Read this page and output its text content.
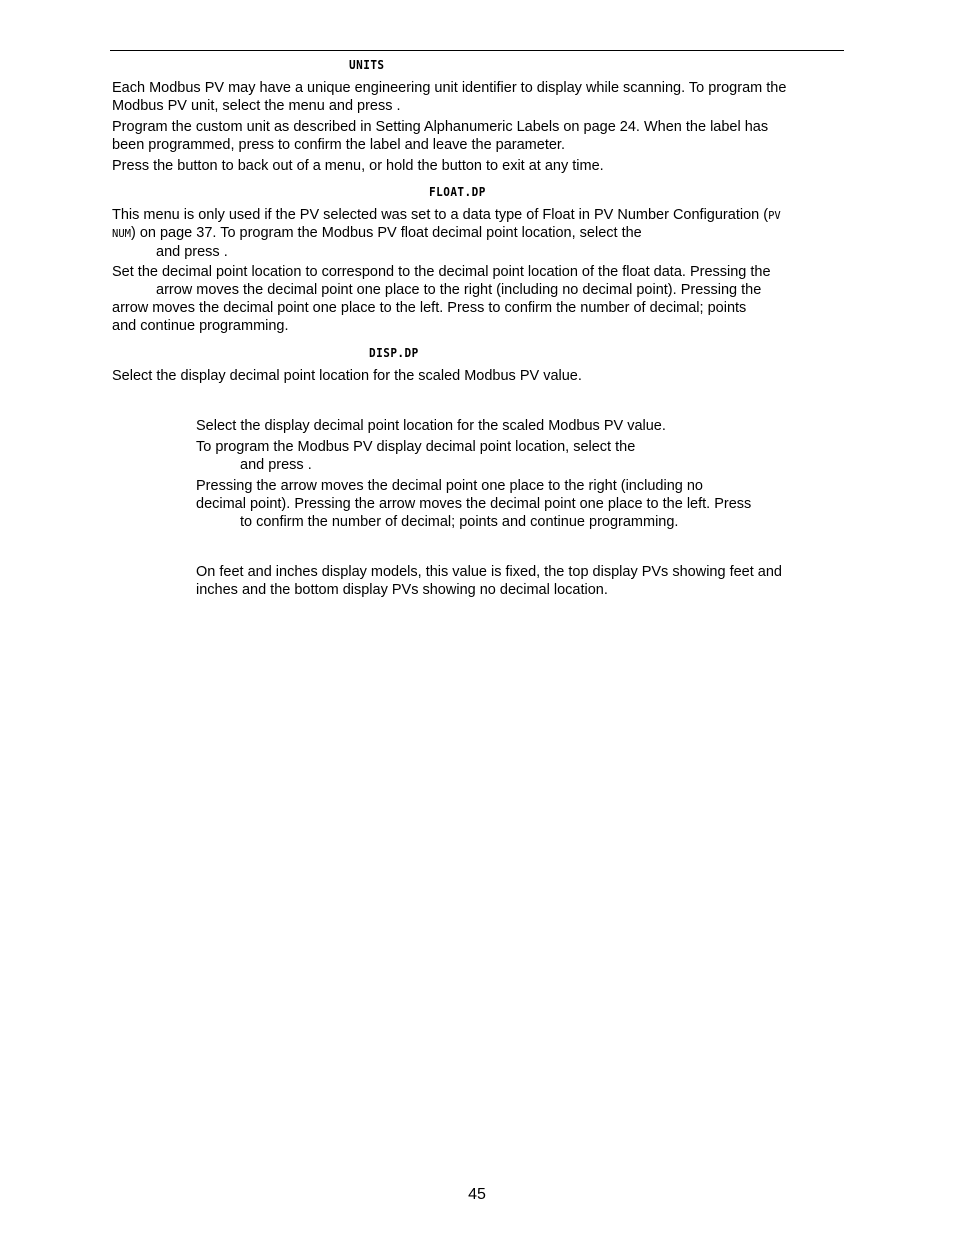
UNITS
Each Modbus PV may have a unique engineering unit identifier to display while scanning. To program the
Modbus PV unit, select the menu and press .
Program the custom unit as described in Setting Alphanumeric Labels on page 24. When the label has
been programmed, press to confirm the label and leave the parameter.
Press the button to back out of a menu, or hold the button to exit at any time.
FLOAT.DP
This menu is only used if the PV selected was set to a data type of Float in PV Number Configuration (PV
NUM) on page 37. To program the Modbus PV float decimal point location, select the
and press .
Set the decimal point location to correspond to the decimal point location of the float data. Pressing the
arrow moves the decimal point one place to the right (including no decimal point). Pressing the
arrow moves the decimal point one place to the left. Press to confirm the number of decimal; points
and continue programming.
DISP.DP
Select the display decimal point location for the scaled Modbus PV value.
Select the display decimal point location for the scaled Modbus PV value.
To program the Modbus PV display decimal point location, select the
and press .
Pressing the arrow moves the decimal point one place to the right (including no
decimal point). Pressing the arrow moves the decimal point one place to the left. Press
to confirm the number of decimal; points and continue programming.
On feet and inches display models, this value is fixed, the top display PVs showing feet and
inches and the bottom display PVs showing no decimal location.
45
